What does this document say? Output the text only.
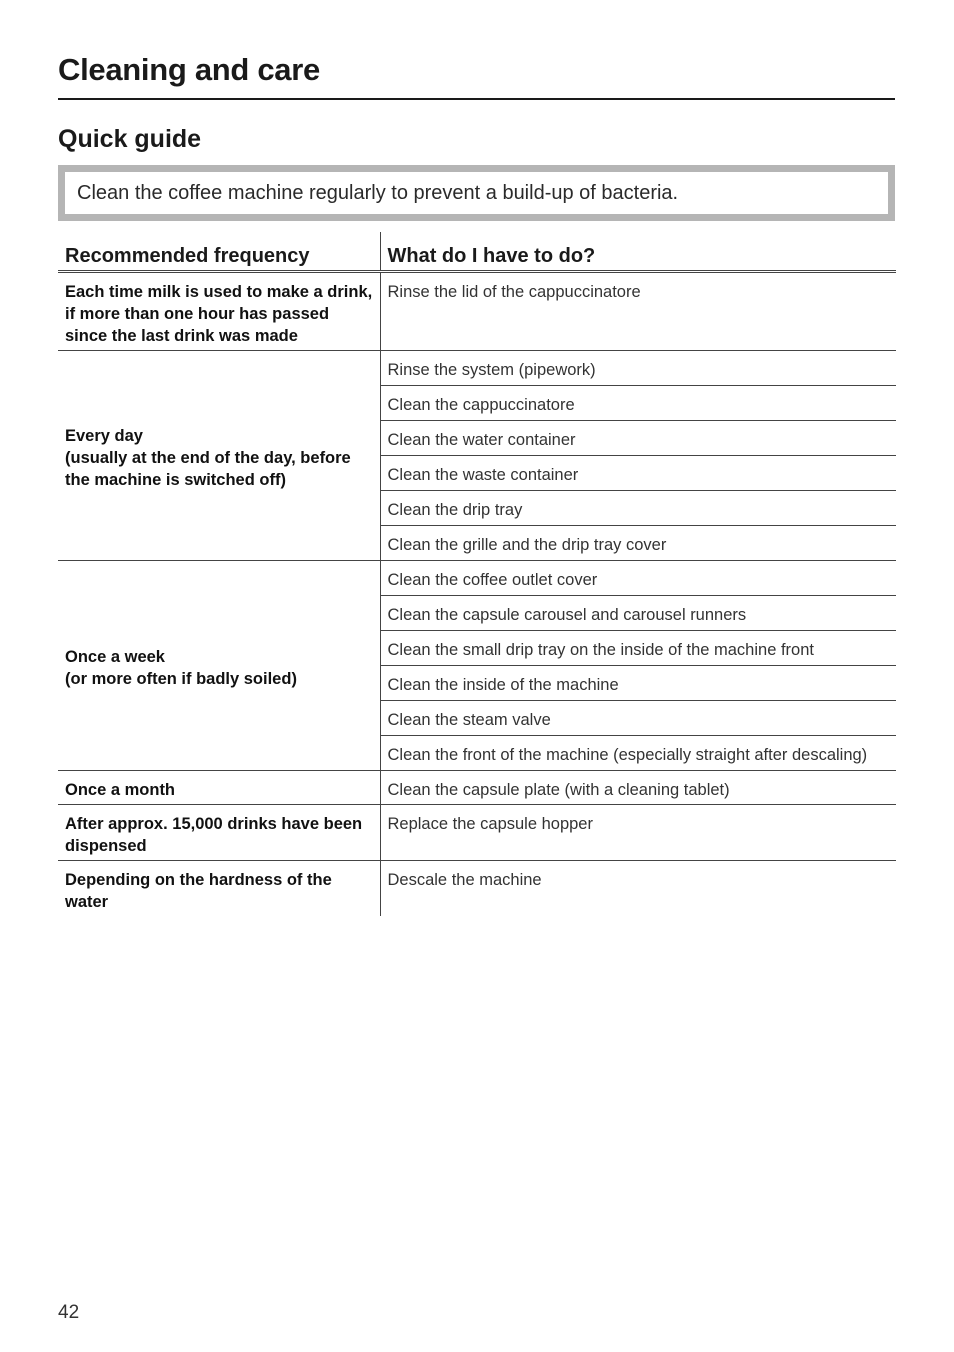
Cleaning and care
Quick guide
Clean the coffee machine regularly to prevent a build-up of bacteria.
Recommended frequency	What do I have to do?
Each time milk is used to make a drink, if more than one hour has passed since the last drink was made	Rinse the lid of the cappuccinatore
Every day
(usually at the end of the day, before the machine is switched off)	Rinse the system (pipework)
	Clean the cappuccinatore
	Clean the water container
	Clean the waste container
	Clean the drip tray
	Clean the grille and the drip tray cover
Once a week
(or more often if badly soiled)	Clean the coffee outlet cover
	Clean the capsule carousel and carousel runners
	Clean the small drip tray on the inside of the machine front
	Clean the inside of the machine
	Clean the steam valve
	Clean the front of the machine (especially straight after descaling)
Once a month	Clean the capsule plate (with a cleaning tablet)
After approx. 15,000 drinks have been dispensed	Replace the capsule hopper
Depending on the hardness of the water	Descale the machine
42
